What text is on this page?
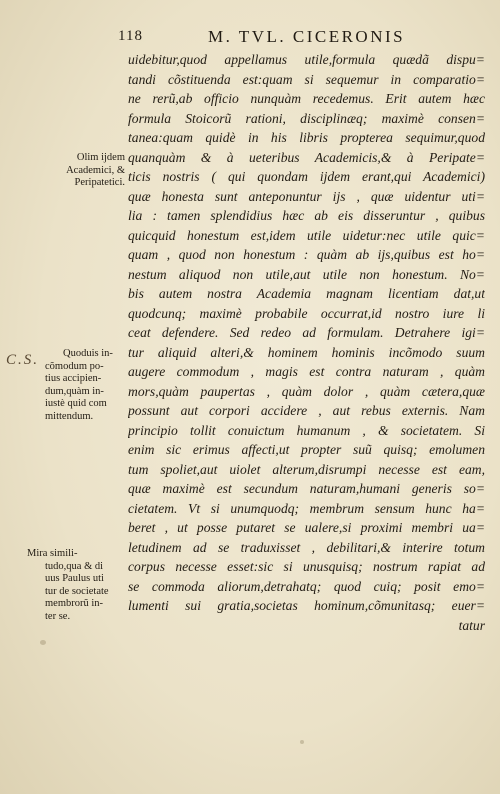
118	M. TVL. CICERONIS
C.S.
Olim ijdem
Academici, &
Peripatetici.
Quoduis in-
cõmodum po-
tius accipien-
dum,quàm in-
iustè quid com
mittendum.
Mira simili-
tudo,qua & di
uus Paulus uti
tur de societate
membrorũ in-
ter se.
uidebitur,quod appellamus utile,formula quædã dispu=
tandi cõstituenda est:quam si sequemur in comparatio=
ne rerũ,ab officio nunquàm recedemus. Erit autem hæc
formula Stoicorũ rationi, disciplinæq; maximè consen=
tanea:quam quidè in his libris propterea sequimur,quod
quanquàm & à ueteribus Academicis,& à Peripate=
ticis nostris ( qui quondam ijdem erant,qui Academici)
quæ honesta sunt anteponuntur ijs , quæ uidentur uti=
lia : tamen splendidius hæc ab eis disseruntur , quibus
quicquid honestum est,idem utile uidetur:nec utile quic=
quam , quod non honestum : quàm ab ijs,quibus est ho=
nestum aliquod non utile,aut utile non honestum. No=
bis autem nostra Academia magnam licentiam dat,ut
quodcunq; maximè probabile occurrat,id nostro iure li
ceat defendere. Sed redeo ad formulam. Detrahere igi=
tur aliquid alteri,& hominem hominis incõmodo suum
augere commodum , magis est contra naturam , quàm
mors,quàm paupertas , quàm dolor , quàm cætera,quæ
possunt aut corpori accidere , aut rebus externis. Nam
principio tollit conuictum humanum , & societatem. Si
enim sic erimus affecti,ut propter suũ quisq; emolumen
tum spoliet,aut uiolet alterum,disrumpi necesse est eam,
quæ maximè est secundum naturam,humani generis so=
cietatem. Vt si unumquodq; membrum sensum hunc ha=
beret , ut posse putaret se ualere,si proximi membri ua=
letudinem ad se traduxisset , debilitari,& interire totum
corpus necesse esset:sic si unusquisq; nostrum rapiat ad
se commoda aliorum,detrahatq; quod cuiq; posit emo=
lumenti sui gratia,societas hominum,cõmunitasq; euer=
tatur
